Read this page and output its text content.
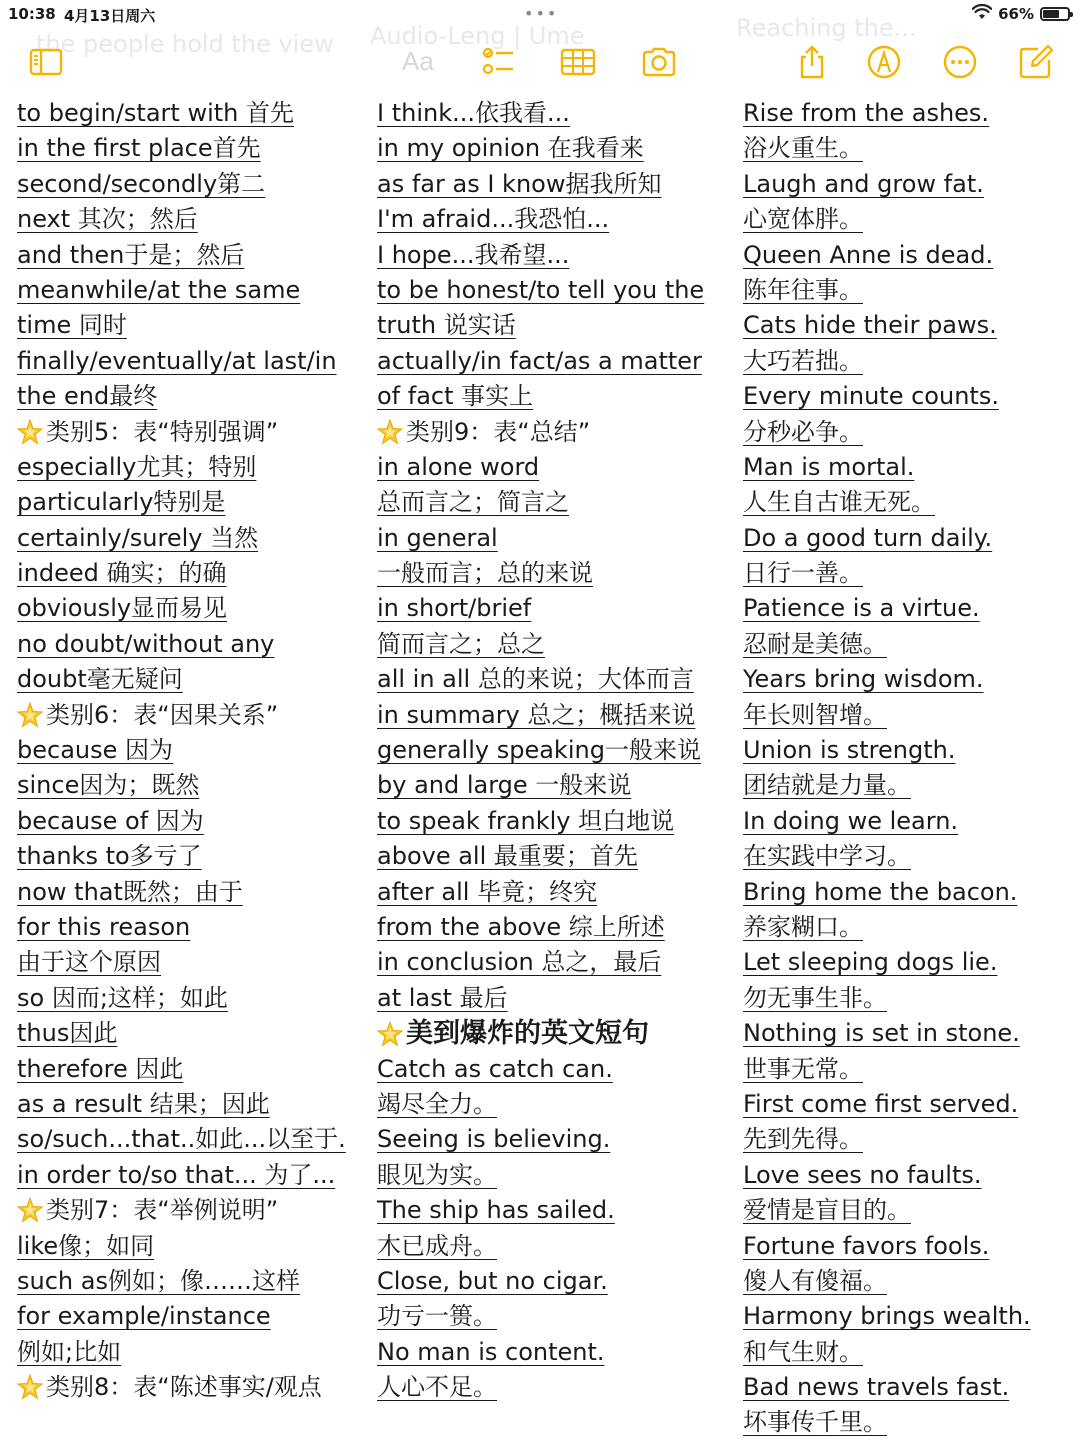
10:38 4月13日周六	•••	66%
the people hold the view Audio-Leng | Ume	Reaching the...
Aa
to begin/start with 首先
in the first place首先
second/secondly第二
next 其次；然后
and then于是；然后
meanwhile/at the same
time 同时
finally/eventually/at last/in
the end最终
类别5：表“特别强调”
especially尤其；特别
particularly特别是
certainly/surely 当然
indeed 确实；的确
obviously显而易见
no doubt/without any
doubt毫无疑问
类别6：表“因果关系”
because 因为
since因为；既然
because of 因为
thanks to多亏了
now that既然；由于
for this reason
由于这个原因
so 因而;这样；如此
thus因此
therefore 因此
as a result 结果；因此
so/such...that..如此...以至于.
in order to/so that... 为了...
类别7：表“举例说明”
like像；如同
such as例如；像……这样
for example/instance
例如;比如
类别8：表“陈述事实/观点
I think...依我看...
in my opinion 在我看来
as far as I know据我所知
I'm afraid...我恐怕...
I hope...我希望...
to be honest/to tell you the
truth 说实话
actually/in fact/as a matter
of fact 事实上
类别9：表“总结”
in alone word
总而言之；简言之
in general
一般而言；总的来说
in short/brief
简而言之；总之
all in all 总的来说；大体而言
in summary 总之；概括来说
generally speaking一般来说
by and large 一般来说
to speak frankly 坦白地说
above all 最重要；首先
after all 毕竟；终究
from the above 综上所述
in conclusion 总之，最后
at last 最后
美到爆炸的英文短句
Catch as catch can.
竭尽全力。
Seeing is believing.
眼见为实。
The ship has sailed.
木已成舟。
Close, but no cigar.
功亏一篑。
No man is content.
人心不足。
Rise from the ashes.
浴火重生。
Laugh and grow fat.
心宽体胖。
Queen Anne is dead.
陈年往事。
Cats hide their paws.
大巧若拙。
Every minute counts.
分秒必争。
Man is mortal.
人生自古谁无死。
Do a good turn daily.
日行一善。
Patience is a virtue.
忍耐是美德。
Years bring wisdom.
年长则智增。
Union is strength.
团结就是力量。
In doing we learn.
在实践中学习。
Bring home the bacon.
养家糊口。
Let sleeping dogs lie.
勿无事生非。
Nothing is set in stone.
世事无常。
First come first served.
先到先得。
Love sees no faults.
爱情是盲目的。
Fortune favors fools.
傻人有傻福。
Harmony brings wealth.
和气生财。
Bad news travels fast.
坏事传千里。
